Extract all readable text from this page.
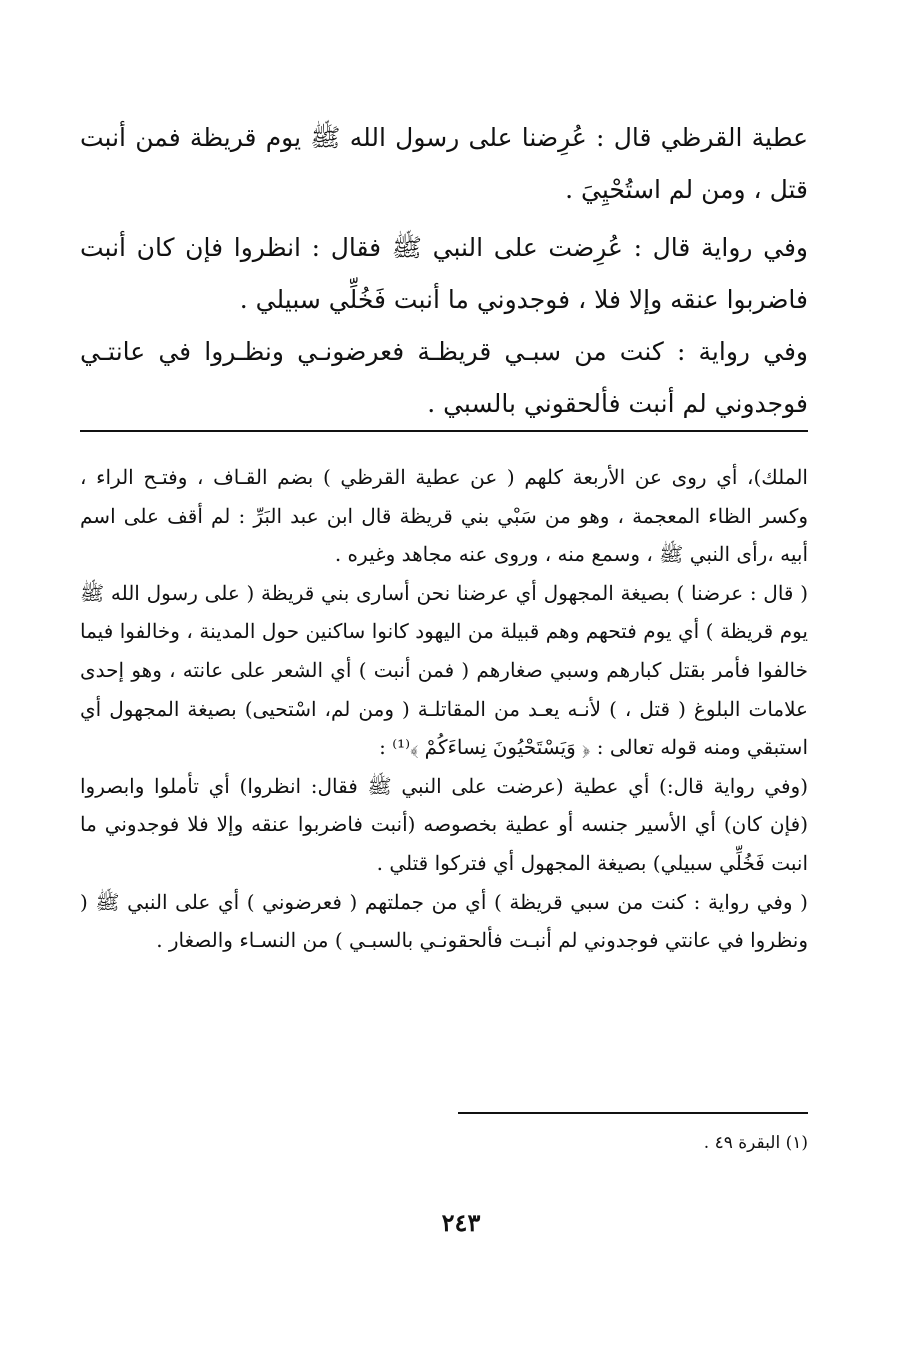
عطية القرظي قال : عُرِضنا على رسول الله ﷺ يوم قريظة فمن أنبت قتل ، ومن لم استُحْيِيَ .

وفي رواية قال : عُرِضت على النبي ﷺ فقال : انظروا فإن كان أنبت فاضربوا عنقه وإلا فلا ، فوجدوني ما أنبت فَخُلِّي سبيلي .

وفي رواية : كنت من سبـي قريظـة فعرضونـي ونظـروا في عانتـي فوجدوني لم أنبت فألحقوني بالسبي .

الملك)، أي روى عن الأربعة كلهم ( عن عطية القرظي ) بضم القـاف ، وفتـح الراء ، وكسر الظاء المعجمة ، وهو من سَبْي بني قريظة قال ابن عبد البَرِّ : لم أقف على اسم أبيه ،رأى النبي ﷺ ، وسمع منه ، وروى عنه مجاهد وغيره .

( قال : عرضنا ) بصيغة المجهول أي عرضنا نحن أسارى بني قريظة ( على رسول الله ﷺ يوم قريظة ) أي يوم فتحهم وهم قبيلة من اليهود كانوا ساكنين حول المدينة ، وخالفوا فيما خالفوا فأمر بقتل كبارهم وسبي صغارهم ( فمن أنبت ) أي الشعر على عانته ، وهو إحدى علامات البلوغ ( قتل ، ) لأنـه يعـد من المقاتلـة ( ومن لم، اسْتحيى) بصيغة المجهول أي استبقي ومنه قوله تعالى : ﴿ وَيَسْتَحْيُونَ نِساءَكُمْ ﴾⁽¹⁾ :

(وفي رواية قال:) أي عطية (عرضت على النبي ﷺ فقال: انظروا) أي تأملوا وابصروا (فإن كان) أي الأسير جنسه أو عطية بخصوصه (أنبت فاضربوا عنقه وإلا فلا فوجدوني ما انبت فَخُلِّي سبيلي) بصيغة المجهول أي فتركوا قتلي .

( وفي رواية : كنت من سبي قريظة ) أي من جملتهم ( فعرضوني ) أي على النبي ﷺ ( ونظروا في عانتي فوجدوني لم أنبـت فألحقونـي بالسبـي ) من النسـاء والصغار .

(١) البقرة ٤٩ .

٢٤٣
